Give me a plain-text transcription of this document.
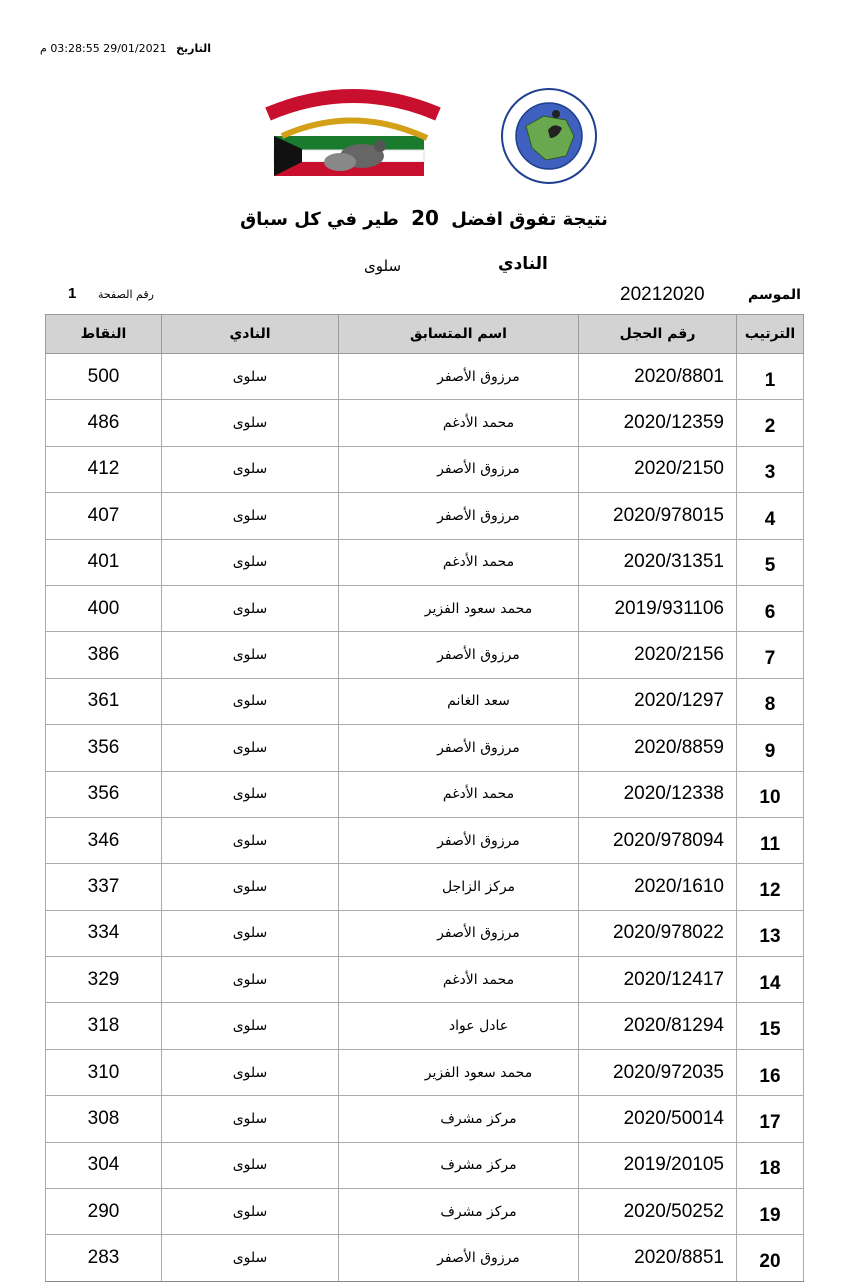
التاريخ 29/01/2021 03:28:55 م
نتيجة تفوق افضل 20 طير في كل سباق
النادي
سلوى
الموسم
20212020
رقم الصفحة
1
النقاط	النادي	اسم المتسابق	رقم الحجل	الترتيب
500	سلوى	مرزوق الأصفر	2020/8801	1
486	سلوى	محمد الأدغم	2020/12359	2
412	سلوى	مرزوق الأصفر	2020/2150	3
407	سلوى	مرزوق الأصفر	2020/978015	4
401	سلوى	محمد الأدغم	2020/31351	5
400	سلوى	محمد سعود الفزير	2019/931106	6
386	سلوى	مرزوق الأصفر	2020/2156	7
361	سلوى	سعد الغانم	2020/1297	8
356	سلوى	مرزوق الأصفر	2020/8859	9
356	سلوى	محمد الأدغم	2020/12338	10
346	سلوى	مرزوق الأصفر	2020/978094	11
337	سلوى	مركز الزاجل	2020/1610	12
334	سلوى	مرزوق الأصفر	2020/978022	13
329	سلوى	محمد الأدغم	2020/12417	14
318	سلوى	عادل عواد	2020/81294	15
310	سلوى	محمد سعود الفزير	2020/972035	16
308	سلوى	مركز مشرف	2020/50014	17
304	سلوى	مركز مشرف	2019/20105	18
290	سلوى	مركز مشرف	2020/50252	19
283	سلوى	مرزوق الأصفر	2020/8851	20
